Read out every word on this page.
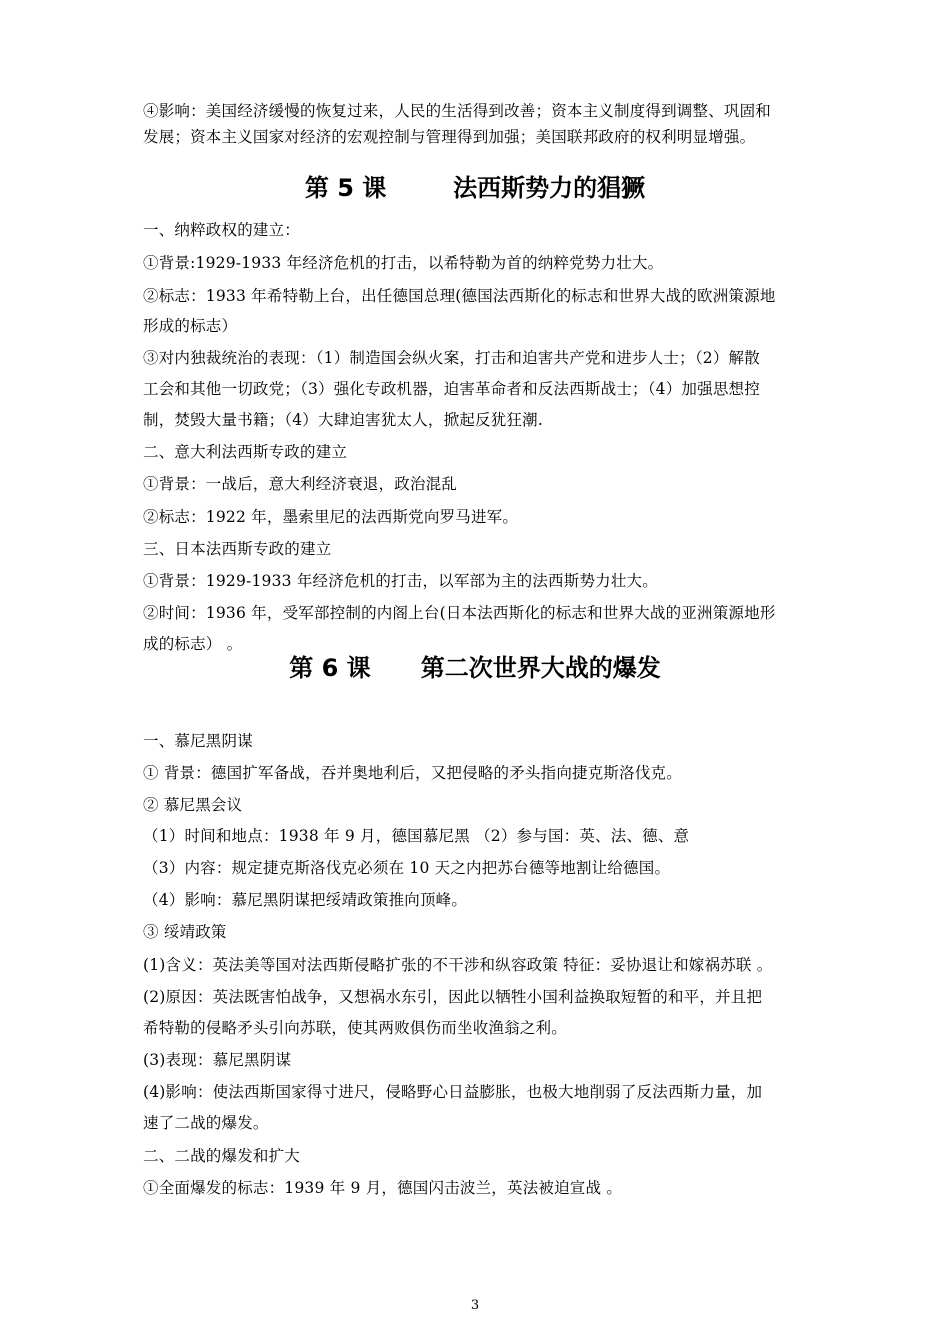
④影响：美国经济缓慢的恢复过来，人民的生活得到改善；资本主义制度得到调整、巩固和
发展；资本主义国家对经济的宏观控制与管理得到加强；美国联邦政府的权利明显增强。
第 5 课        法西斯势力的猖獗
一、纳粹政权的建立：
①背景:1929-1933 年经济危机的打击，以希特勒为首的纳粹党势力壮大。
②标志：1933 年希特勒上台，出任德国总理(德国法西斯化的标志和世界大战的欧洲策源地
形成的标志）
③对内独裁统治的表现：（1）制造国会纵火案，打击和迫害共产党和进步人士；（2）解散
工会和其他一切政党；（3）强化专政机器，迫害革命者和反法西斯战士；（4）加强思想控
制，焚毁大量书籍；（4）大肆迫害犹太人，掀起反犹狂潮.
二、意大利法西斯专政的建立
①背景：一战后，意大利经济衰退，政治混乱
②标志：1922 年，墨索里尼的法西斯党向罗马进军。
三、日本法西斯专政的建立
①背景：1929-1933 年经济危机的打击，以军部为主的法西斯势力壮大。
②时间：1936 年，受军部控制的内阁上台(日本法西斯化的标志和世界大战的亚洲策源地形
成的标志） 。
第 6 课      第二次世界大战的爆发
一、慕尼黑阴谋
① 背景：德国扩军备战，吞并奥地利后，又把侵略的矛头指向捷克斯洛伐克。
② 慕尼黑会议
（1）时间和地点：1938 年 9 月，德国慕尼黑 （2）参与国：英、法、德、意
（3）内容：规定捷克斯洛伐克必须在 10 天之内把苏台德等地割让给德国。
（4）影响：慕尼黑阴谋把绥靖政策推向顶峰。
③ 绥靖政策
(1)含义：英法美等国对法西斯侵略扩张的不干涉和纵容政策 特征：妥协退让和嫁祸苏联 。
(2)原因：英法既害怕战争，又想祸水东引，因此以牺牲小国利益换取短暂的和平，并且把
希特勒的侵略矛头引向苏联，使其两败俱伤而坐收渔翁之利。
(3)表现：慕尼黑阴谋
(4)影响：使法西斯国家得寸进尺，侵略野心日益膨胀，也极大地削弱了反法西斯力量，加
速了二战的爆发。
二、二战的爆发和扩大
①全面爆发的标志：1939 年 9 月，德国闪击波兰，英法被迫宣战 。
3
